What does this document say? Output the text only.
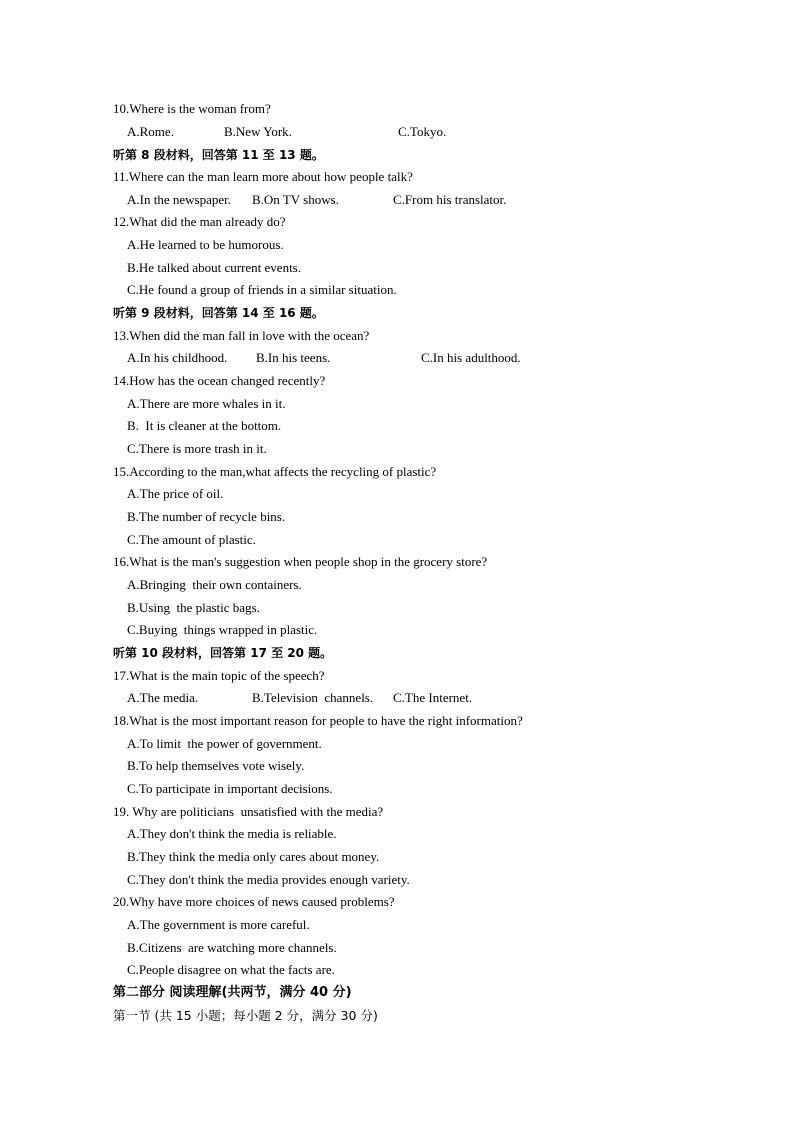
10.Where is the woman from?
A.Rome.	B.New York.	C.Tokyo.
听第 8 段材料，回答第 11 至 13 题。
11.Where can the man learn more about how people talk?
A.In the newspaper. B.On TV shows.	C.From his translator.
12.What did the man already do?
A.He learned to be humorous.
B.He talked about current events.
C.He found a group of friends in a similar situation.
听第 9 段材料，回答第 14 至 16 题。
13.When did the man fall in love with the ocean?
A.In his childhood. B.In his teens.	C.In his adulthood.
14.How has the ocean changed recently?
A.There are more whales in it.
B.  It is cleaner at the bottom.
C.There is more trash in it.
15.According to the man,what affects the recycling of plastic?
A.The price of oil.
B.The number of recycle bins.
C.The amount of plastic.
16.What is the man's suggestion when people shop in the grocery store?
A.Bringing  their own containers.
B.Using  the plastic bags.
C.Buying  things wrapped in plastic.
听第 10 段材料，回答第 17 至 20 题。
17.What is the main topic of the speech?
A.The media.	B.Television  channels. C.The Internet.
18.What is the most important reason for people to have the right information?
A.To limit  the power of government.
B.To help themselves vote wisely.
C.To participate in important decisions.
19. Why are politicians  unsatisfied with the media?
A.They don't think the media is reliable.
B.They think the media only cares about money.
C.They don't think the media provides enough variety.
20.Why have more choices of news caused problems?
A.The government is more careful.
B.Citizens  are watching more channels.
C.People disagree on what the facts are.
第二部分 阅读理解(共两节，满分 40 分)
第一节 (共 15 小题；每小题 2 分，满分 30 分)
